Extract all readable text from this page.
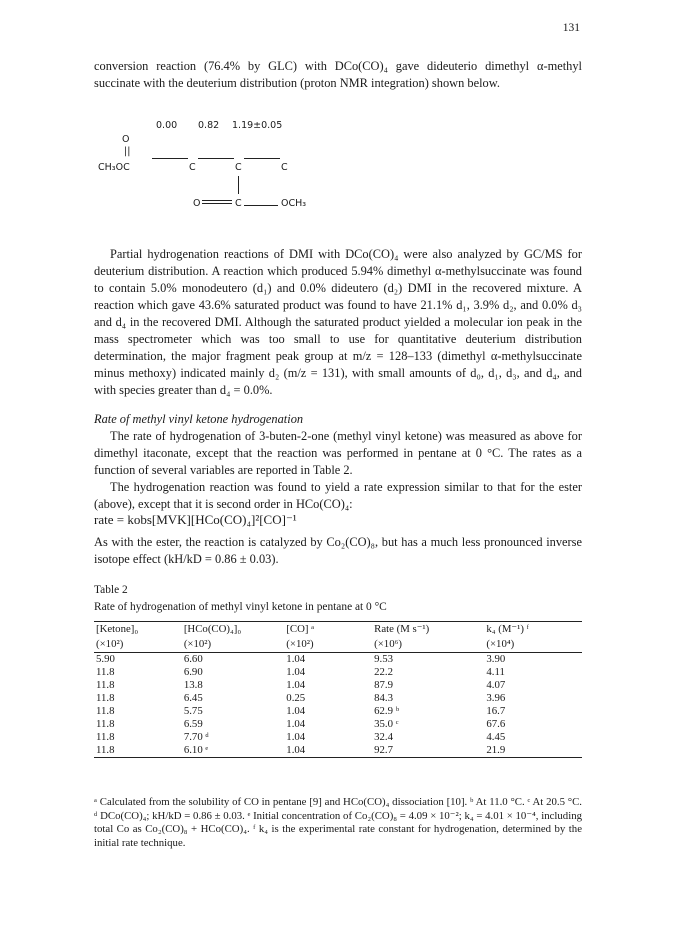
131

conversion reaction (76.4% by GLC) with DCo(CO)₄ gave dideuterio dimethyl α-methyl succinate with the deuterium distribution (proton NMR integration) shown below.

0.00 0.82 1.19±0.05
O
||
CH₃OC	C	C	C
O	C	OCH₃

Partial hydrogenation reactions of DMI with DCo(CO)₄ were also analyzed by GC/MS for deuterium distribution. A reaction which produced 5.94% dimethyl α-methylsuccinate was found to contain 5.0% monodeutero (d₁) and 0.0% dideutero (d₂) DMI in the recovered mixture. A reaction which gave 43.6% saturated product was found to have 21.1% d₁, 3.9% d₂, and 0.0% d₃ and d₄ in the recovered DMI. Although the saturated product yielded a molecular ion peak in the mass spectrometer which was too small to use for quantitative deuterium distribution determination, the major fragment peak group at m/z = 128–133 (dimethyl α-methylsuccinate minus methoxy) indicated mainly d₂ (m/z = 131), with small amounts of d₀, d₁, d₃, and d₄, and with species greater than d₄ = 0.0%.

Rate of methyl vinyl ketone hydrogenation

The rate of hydrogenation of 3-buten-2-one (methyl vinyl ketone) was measured as above for dimethyl itaconate, except that the reaction was performed in pentane at 0 °C. The rates as a function of several variables are reported in Table 2.

The hydrogenation reaction was found to yield a rate expression similar to that for the ester (above), except that it is second order in HCo(CO)₄:

rate = kobs[MVK][HCo(CO)₄]²[CO]⁻¹

As with the ester, the reaction is catalyzed by Co₂(CO)₈, but has a much less pronounced inverse isotope effect (kH/kD = 0.86 ± 0.03).

Table 2
Rate of hydrogenation of methyl vinyl ketone in pentane at 0 °C
[Ketone]₀	[HCo(CO)₄]₀	[CO] ᵃ	Rate (M s⁻¹)	k₄ (M⁻¹) ᶠ
(×10²)	(×10²)	(×10²)	(×10⁶)	(×10⁴)
5.90	6.60	1.04	9.53	3.90
11.8	6.90	1.04	22.2	4.11
11.8	13.8	1.04	87.9	4.07
11.8	6.45	0.25	84.3	3.96
11.8	5.75	1.04	62.9 ᵇ	16.7
11.8	6.59	1.04	35.0 ᶜ	67.6
11.8	7.70 ᵈ	1.04	32.4	4.45
11.8	6.10 ᵉ	1.04	92.7	21.9
ᵃ Calculated from the solubility of CO in pentane [9] and HCo(CO)₄ dissociation [10]. ᵇ At 11.0 °C. ᶜ At 20.5 °C. ᵈ DCo(CO)₄; kH/kD = 0.86 ± 0.03. ᵉ Initial concentration of Co₂(CO)₈ = 4.09 × 10⁻²; k₄ = 4.01 × 10⁻⁴, including total Co as Co₂(CO)₈ + HCo(CO)₄. ᶠ k₄ is the experimental rate constant for hydrogenation, determined by the initial rate technique.
